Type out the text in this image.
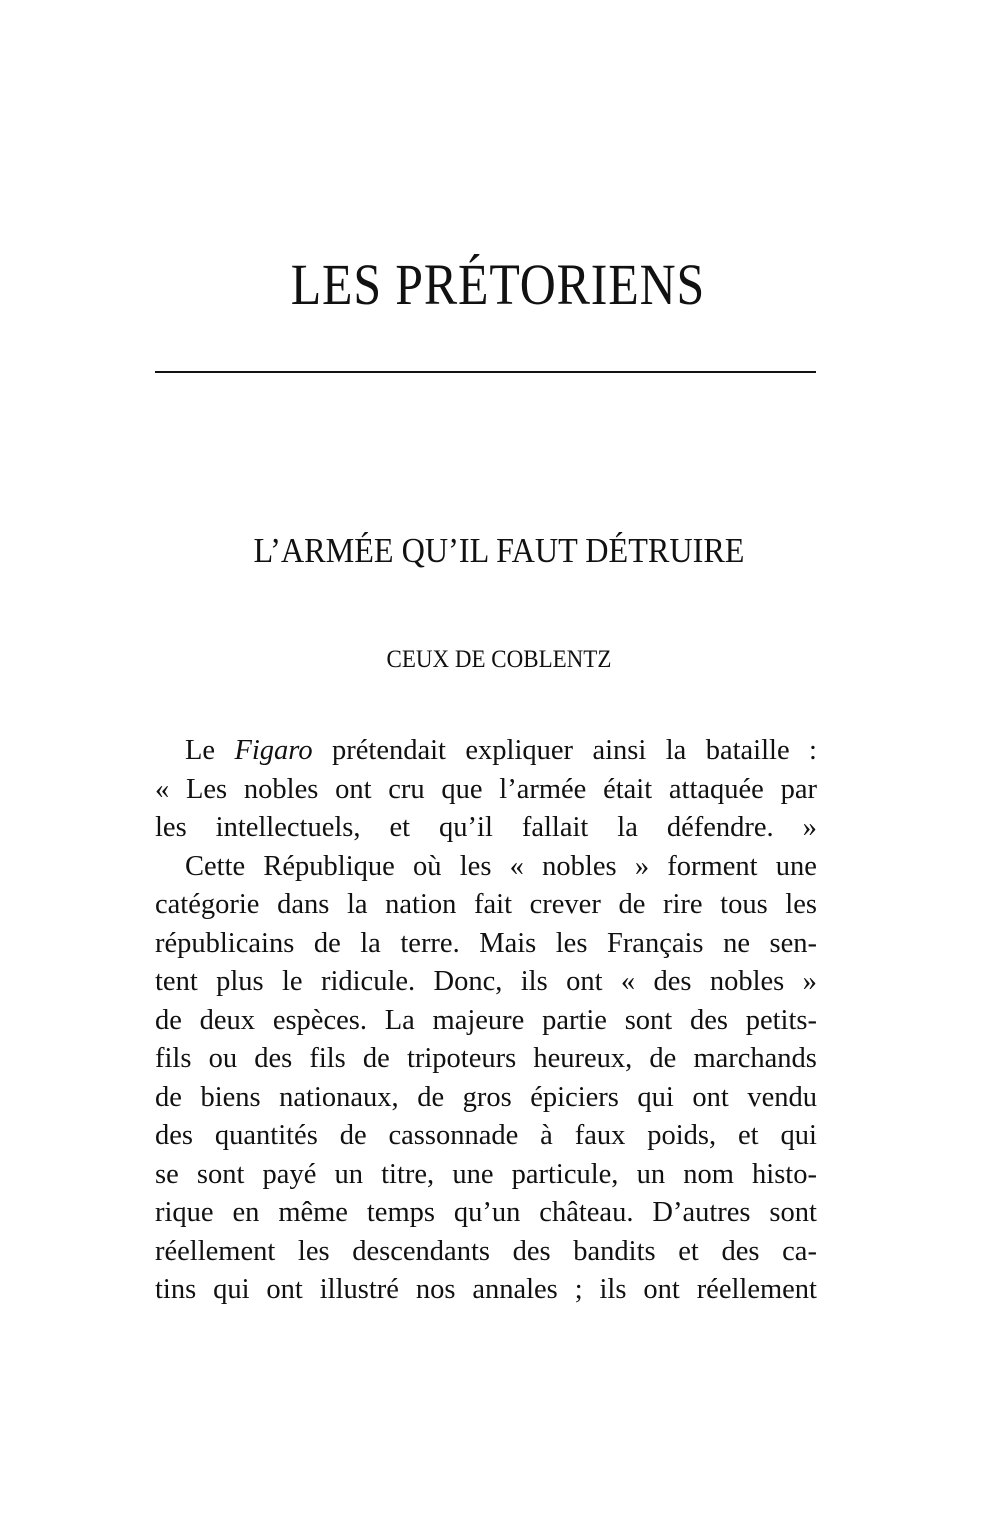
LES PRÉTORIENS
L’ARMÉE QU’IL FAUT DÉTRUIRE
CEUX DE COBLENTZ
Le Figaro prétendait expliquer ainsi la bataille :
« Les nobles ont cru que l’armée était attaquée par
les intellectuels, et qu’il fallait la défendre. »
Cette République où les « nobles » forment une
catégorie dans la nation fait crever de rire tous les
républicains de la terre. Mais les Français ne sen-
tent plus le ridicule. Donc, ils ont « des nobles »
de deux espèces. La majeure partie sont des petits-
fils ou des fils de tripoteurs heureux, de marchands
de biens nationaux, de gros épiciers qui ont vendu
des quantités de cassonnade à faux poids, et qui
se sont payé un titre, une particule, un nom histo-
rique en même temps qu’un château. D’autres sont
réellement les descendants des bandits et des ca-
tins qui ont illustré nos annales ; ils ont réellement
